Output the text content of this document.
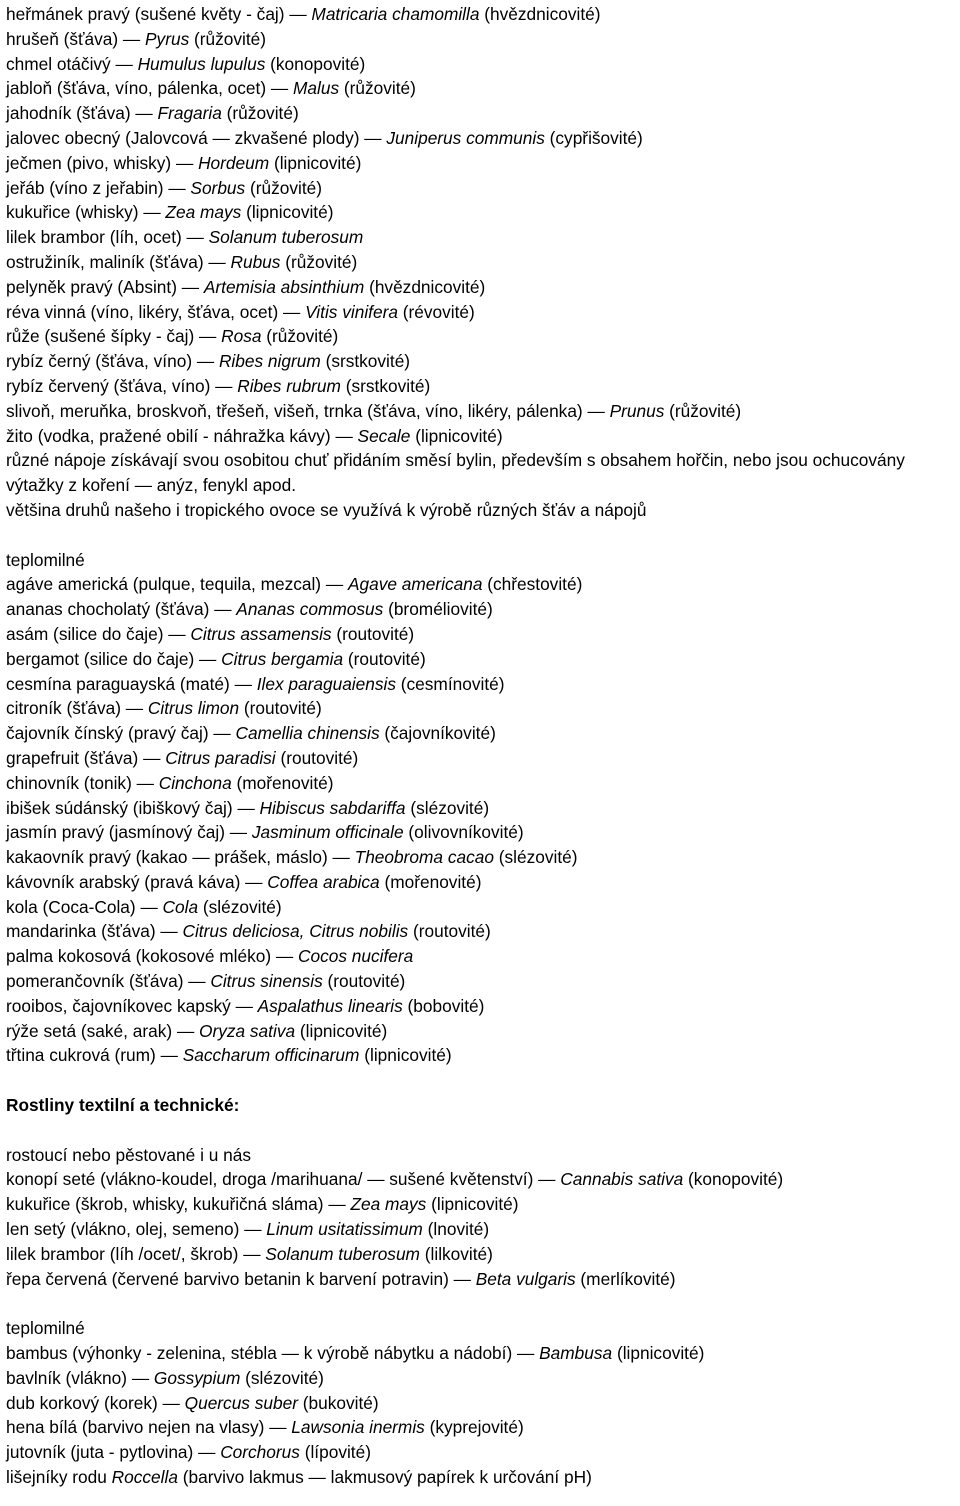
heřmánek pravý (sušené květy - čaj) — Matricaria chamomilla (hvězdnicovité)
hrušeň (šťáva) — Pyrus (růžovité)
chmel otáčivý — Humulus lupulus (konopovité)
jabloň (šťáva, víno, pálenka, ocet) — Malus (růžovité)
jahodník (šťáva) — Fragaria (růžovité)
jalovec obecný (Jalovcová — zkvašené plody) — Juniperus communis (cypřišovité)
ječmen (pivo, whisky) — Hordeum (lipnicovité)
jeřáb (víno z jeřabin) — Sorbus (růžovité)
kukuřice (whisky) — Zea mays (lipnicovité)
lilek brambor (líh, ocet) — Solanum tuberosum
ostružiník, maliník (šťáva) — Rubus (růžovité)
pelyněk pravý (Absint) — Artemisia absinthium (hvězdnicovité)
réva vinná (víno, likéry, šťáva, ocet) — Vitis vinifera (révovité)
růže (sušené šípky - čaj) — Rosa (růžovité)
rybíz černý (šťáva, víno) — Ribes nigrum (srstkovité)
rybíz červený (šťáva, víno) — Ribes rubrum (srstkovité)
slivoň, meruňka, broskvoň, třešeň, višeň, trnka (šťáva, víno, likéry, pálenka) — Prunus (růžovité)
žito (vodka, pražené obilí - náhražka kávy) — Secale (lipnicovité)
různé nápoje získávají svou osobitou chuť přidáním směsí bylin, především s obsahem hořčin, nebo jsou ochucovány výtažky z koření — anýz, fenykl apod.
většina druhů našeho i tropického ovoce se využívá k výrobě různých šťáv a nápojů
teplomilné
agáve americká (pulque, tequila, mezcal) — Agave americana (chřestovité)
ananas chocholatý (šťáva) — Ananas commosus (broméliovité)
asám (silice do čaje) — Citrus assamensis (routovité)
bergamot (silice do čaje) — Citrus bergamia (routovité)
cesmína paraguayská (maté) — Ilex paraguaiensis (cesmínovité)
citroník (šťáva) — Citrus limon (routovité)
čajovník čínský (pravý čaj) — Camellia chinensis (čajovníkovité)
grapefruit (šťáva) — Citrus paradisi (routovité)
chinovník (tonik) — Cinchona (mořenovité)
ibišek súdánský (ibiškový čaj) — Hibiscus sabdariffa (slézovité)
jasmín pravý (jasmínový čaj) — Jasminum officinale (olivovníkovité)
kakaovník pravý (kakao — prášek, máslo) — Theobroma cacao (slézovité)
kávovník arabský (pravá káva) — Coffea arabica (mořenovité)
kola (Coca-Cola) — Cola (slézovité)
mandarinka (šťáva) — Citrus deliciosa, Citrus nobilis (routovité)
palma kokosová (kokosové mléko) — Cocos nucifera
pomerančovník (šťáva) — Citrus sinensis (routovité)
rooibos, čajovníkovec kapský — Aspalathus linearis (bobovité)
rýže setá (saké, arak) — Oryza sativa (lipnicovité)
třtina cukrová (rum) — Saccharum officinarum (lipnicovité)
Rostliny textilní a technické:
rostoucí nebo pěstované i u nás
konopí seté (vlákno-koudel, droga /marihuana/ — sušené květenství) — Cannabis sativa (konopovité)
kukuřice (škrob, whisky, kukuřičná sláma) — Zea mays (lipnicovité)
len setý (vlákno, olej, semeno) — Linum usitatissimum (lnovité)
lilek brambor (líh /ocet/, škrob) — Solanum tuberosum (lilkovité)
řepa červená (červené barvivo betanin k barvení potravin) — Beta vulgaris (merlíkovité)
teplomilné
bambus (výhonky - zelenina, stébla — k výrobě nábytku a nádobí) — Bambusa (lipnicovité)
bavlník (vlákno) — Gossypium (slézovité)
dub korkový (korek) — Quercus suber (bukovité)
hena bílá (barvivo nejen na vlasy) — Lawsonia inermis (kyprejovité)
jutovník (juta - pytlovina) — Corchorus (lípovité)
lišejníky rodu Roccella (barvivo lakmus — lakmusový papírek k určování pH)
